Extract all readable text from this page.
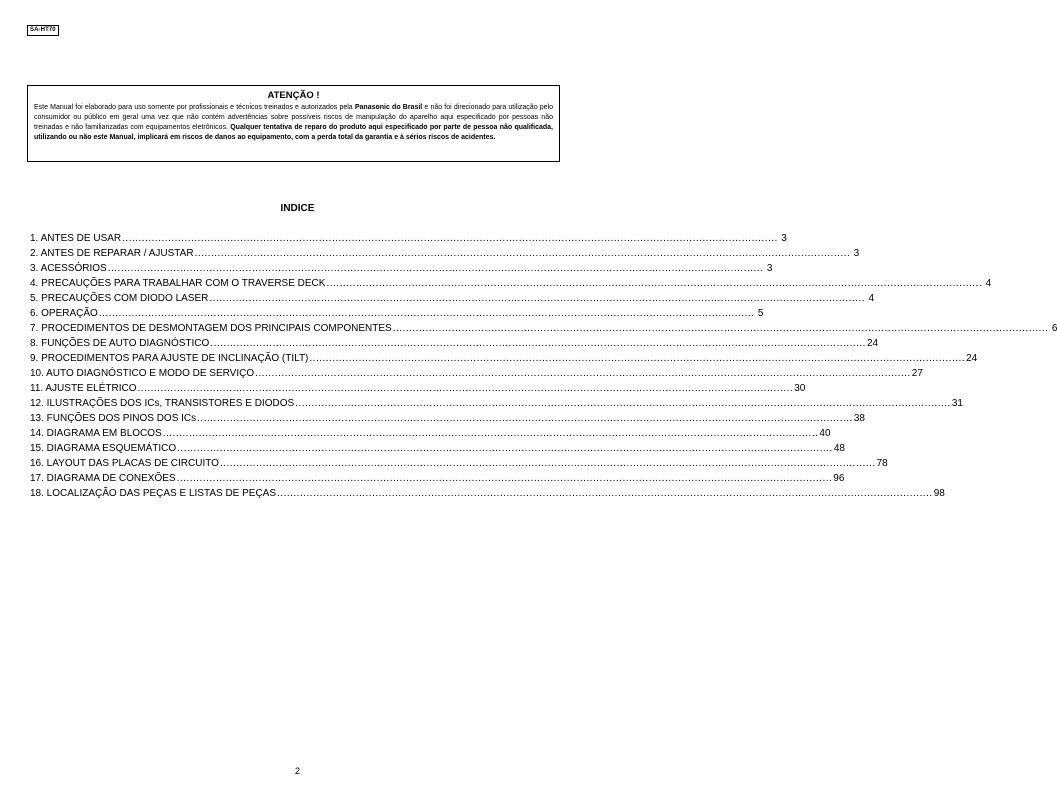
SA-HT70
ATENÇÃO !
Este Manual foi elaborado para uso somente por profissionais e técnicos treinados e autorizados pela Panasonic do Brasil e não foi direcionado para utilização pelo consumidor ou público em geral uma vez que não contém advertências sobre possíveis riscos de manipulação do aparelho aqui especificado por pessoas não treinadas e não familiarizadas com equipamentos eletrônicos. Qualquer tentativa de reparo do produto aqui especificado por parte de pessoa não qualificada, utilizando ou não este Manual, implicará em riscos de danos ao equipamento, com a perda total da garantia e à sérios riscos de acidentes.
INDICE
1. ANTES DE USAR ........................................................................................................................................................................................................ 3
2. ANTES DE REPARAR / AJUSTAR ........................................................................................................................................................................................................ 3
3. ACESSÓRIOS ........................................................................................................................................................................................................ 3
4. PRECAUÇÕES PARA TRABALHAR COM O TRAVERSE DECK ........................................................................................................................................................................................................ 4
5. PRECAUÇÕES COM DIODO LASER ........................................................................................................................................................................................................ 4
6. OPERAÇÃO ........................................................................................................................................................................................................ 5
7. PROCEDIMENTOS DE DESMONTAGEM DOS PRINCIPAIS COMPONENTES ........................................................................................................................................................................................................ 6
8. FUNÇÕES DE AUTO DIAGNÓSTICO ........................................................................................................................................................................................................ 24
9. PROCEDIMENTOS PARA AJUSTE DE INCLINAÇÃO (TILT) ........................................................................................................................................................................................................ 24
10. AUTO DIAGNÓSTICO E MODO DE SERVIÇO ........................................................................................................................................................................................................ 27
11. AJUSTE ELÉTRICO ........................................................................................................................................................................................................ 30
12. ILUSTRAÇÕES DOS ICs, TRANSISTORES E DIODOS ........................................................................................................................................................................................................ 31
13. FUNÇÕES DOS PINOS DOS ICs ........................................................................................................................................................................................................ 38
14. DIAGRAMA EM BLOCOS ........................................................................................................................................................................................................ 40
15. DIAGRAMA ESQUEMÁTICO ........................................................................................................................................................................................................ 48
16. LAYOUT DAS PLACAS DE CIRCUITO ........................................................................................................................................................................................................ 78
17. DIAGRAMA DE CONEXÕES ........................................................................................................................................................................................................ 96
18. LOCALIZAÇÃO DAS PEÇAS E LISTAS DE PEÇAS ........................................................................................................................................................................................................ 98
2
